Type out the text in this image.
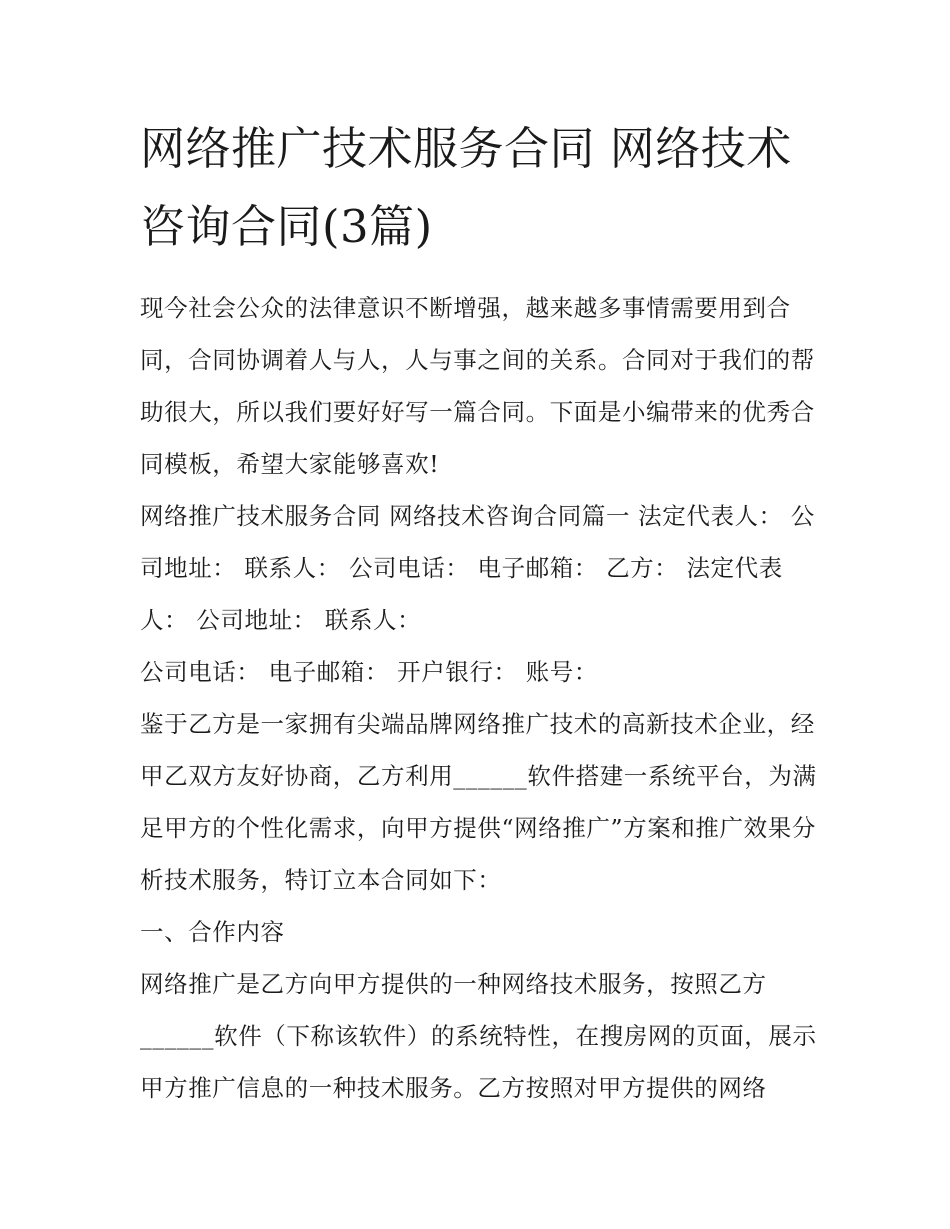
网络推广技术服务合同 网络技术咨询合同(3篇)

现今社会公众的法律意识不断增强，越来越多事情需要用到合同，合同协调着人与人，人与事之间的关系。合同对于我们的帮助很大，所以我们要好好写一篇合同。下面是小编带来的优秀合同模板，希望大家能够喜欢!

网络推广技术服务合同 网络技术咨询合同篇一 法定代表人： 公司地址： 联系人： 公司电话： 电子邮箱： 乙方： 法定代表人： 公司地址： 联系人：

公司电话： 电子邮箱： 开户银行： 账号：

鉴于乙方是一家拥有尖端品牌网络推广技术的高新技术企业，经甲乙双方友好协商，乙方利用______软件搭建一系统平台，为满足甲方的个性化需求，向甲方提供“网络推广”方案和推广效果分析技术服务，特订立本合同如下：

一、合作内容

网络推广是乙方向甲方提供的一种网络技术服务，按照乙方______软件（下称该软件）的系统特性，在搜房网的页面，展示甲方推广信息的一种技术服务。乙方按照对甲方提供的网络
